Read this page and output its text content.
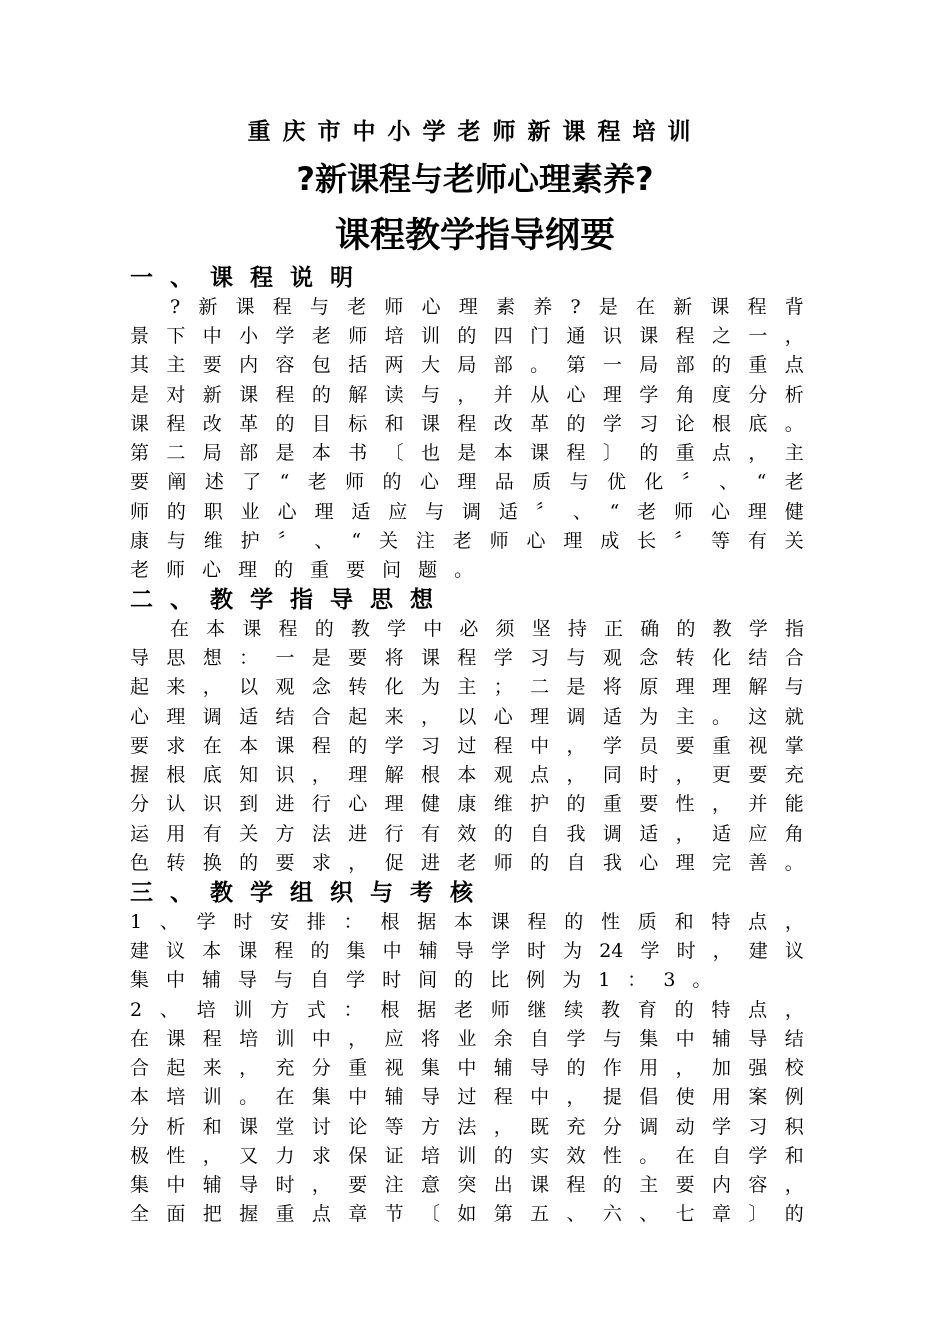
重庆市中小学老师新课程培训
?新课程与老师心理素养?
课程教学指导纲要
一、课程说明
? 新 课 程 与 老 师 心 理 素 养 ? 是 在 新 课 程 背
景 下 中 小 学 老 师 培 训 的 四 门 通 识 课 程 之 一 ，
其 主 要 内 容 包 括 两 大 局 部 。 第 一 局 部 的 重 点
是 对 新 课 程 的 解 读 与 ， 并 从 心 理 学 角 度 分 析
课 程 改 革 的 目 标 和 课 程 改 革 的 学 习 论 根 底 。
第 二 局 部 是 本 书 〔 也 是 本 课 程 〕 的 重 点 ， 主
要 阐 述 了 “ 老 师 的 心 理 品 质 与 优 化 〞 、 “ 老
师 的 职 业 心 理 适 应 与 调 适 〞 、 “ 老 师 心 理 健
康 与 维 护 〞 、 “ 关 注 老 师 心 理 成 长 〞 等 有 关
老 师 心 理 的 重 要 问 题 。
二、教学指导思想
在 本 课 程 的 教 学 中 必 须 坚 持 正 确 的 教 学 指
导 思 想 ： 一 是 要 将 课 程 学 习 与 观 念 转 化 结 合
起 来 ， 以 观 念 转 化 为 主 ； 二 是 将 原 理 理 解 与
心 理 调 适 结 合 起 来 ， 以 心 理 调 适 为 主 。 这 就
要 求 在 本 课 程 的 学 习 过 程 中 ， 学 员 要 重 视 掌
握 根 底 知 识 ， 理 解 根 本 观 点 ， 同 时 ， 更 要 充
分 认 识 到 进 行 心 理 健 康 维 护 的 重 要 性 ， 并 能
运 用 有 关 方 法 进 行 有 效 的 自 我 调 适 ， 适 应 角
色 转 换 的 要 求 ， 促 进 老 师 的 自 我 心 理 完 善 。
三、教学组织与考核
1 、 学 时 安 排 ： 根 据 本 课 程 的 性 质 和 特 点 ，
建 议 本 课 程 的 集 中 辅 导 学 时 为 24 学 时 ， 建 议
集 中 辅 导 与 自 学 时 间 的 比 例 为 1 ： 3 。
2 、 培 训 方 式 ： 根 据 老 师 继 续 教 育 的 特 点 ，
在 课 程 培 训 中 ， 应 将 业 余 自 学 与 集 中 辅 导 结
合 起 来 ， 充 分 重 视 集 中 辅 导 的 作 用 ， 加 强 校
本 培 训 。 在 集 中 辅 导 过 程 中 ， 提 倡 使 用 案 例
分 析 和 课 堂 讨 论 等 方 法 ， 既 充 分 调 动 学 习 积
极 性 ， 又 力 求 保 证 培 训 的 实 效 性 。 在 自 学 和
集 中 辅 导 时 ， 要 注 意 突 出 课 程 的 主 要 内 容 ，
全 面 把 握 重 点 章 节 〔 如 第 五 、 六 、 七 章 〕 的
